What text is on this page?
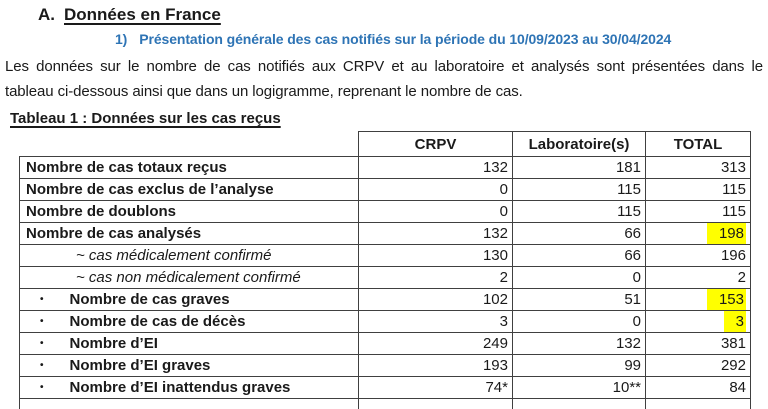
A. Données en France
1) Présentation générale des cas notifiés sur la période du 10/09/2023 au 30/04/2024
Les données sur le nombre de cas notifiés aux CRPV et au laboratoire et analysés sont présentées dans le
tableau ci-dessous ainsi que dans un logigramme, reprenant le nombre de cas.
Tableau 1 : Données sur les cas reçus
	CRPV	Laboratoire(s)	TOTAL
Nombre de cas totaux reçus	132	181	313
Nombre de cas exclus de l’analyse	0	115	115
Nombre de doublons	0	115	115
Nombre de cas analysés	132	66	198
~ cas médicalement confirmé	130	66	196
~ cas non médicalement confirmé	2	0	2
• Nombre de cas graves	102	51	153
• Nombre de cas de décès	3	0	3
• Nombre d’EI	249	132	381
• Nombre d’EI graves	193	99	292
• Nombre d’EI inattendus graves	74*	10**	84
